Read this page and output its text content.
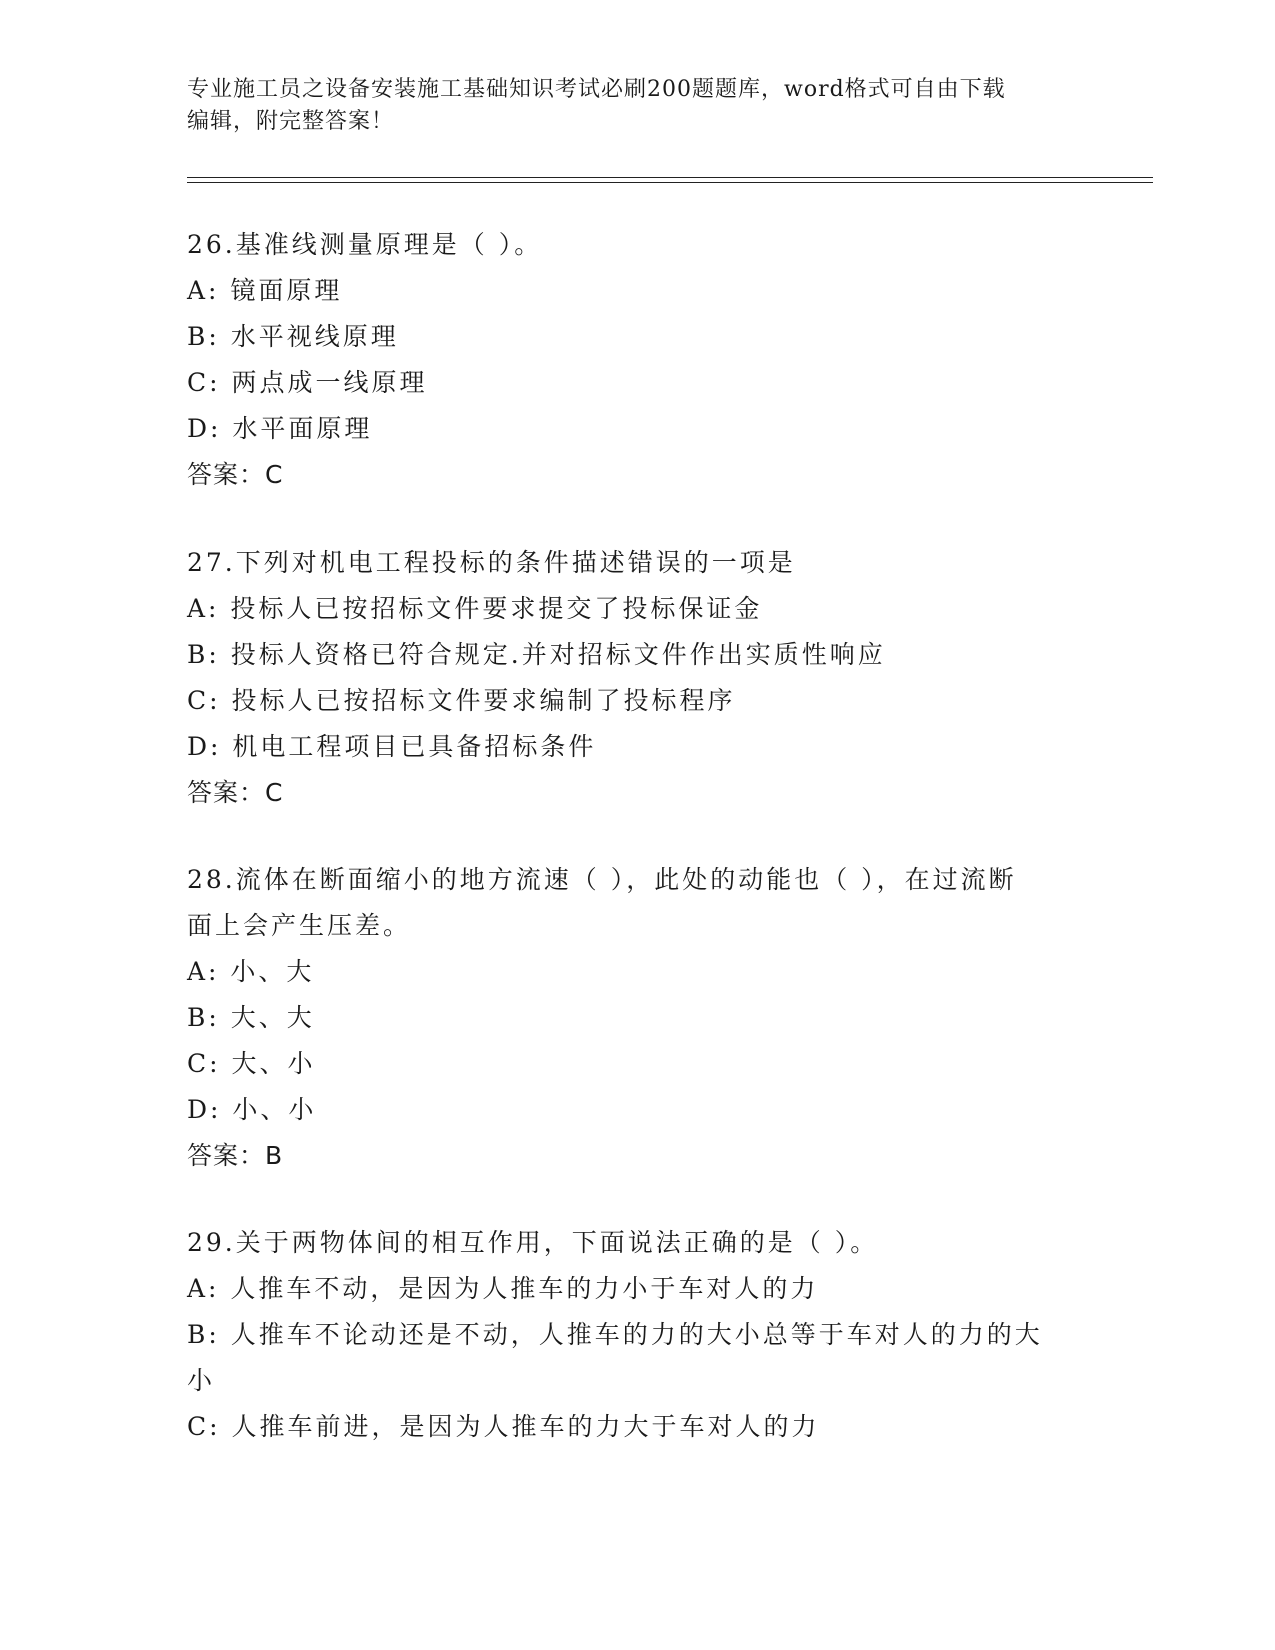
专业施工员之设备安装施工基础知识考试必刷200题题库，word格式可自由下载
编辑，附完整答案！
26.基准线测量原理是（ ）。
A: 镜面原理
B: 水平视线原理
C: 两点成一线原理
D: 水平面原理
答案：C
27.下列对机电工程投标的条件描述错误的一项是
A: 投标人已按招标文件要求提交了投标保证金
B: 投标人资格已符合规定.并对招标文件作出实质性响应
C: 投标人已按招标文件要求编制了投标程序
D: 机电工程项目已具备招标条件
答案：C
28.流体在断面缩小的地方流速（ ），此处的动能也（ ），在过流断
面上会产生压差。
A: 小、大
B: 大、大
C: 大、小
D: 小、小
答案：B
29.关于两物体间的相互作用，下面说法正确的是（ ）。
A: 人推车不动，是因为人推车的力小于车对人的力
B: 人推车不论动还是不动，人推车的力的大小总等于车对人的力的大
小
C: 人推车前进，是因为人推车的力大于车对人的力
